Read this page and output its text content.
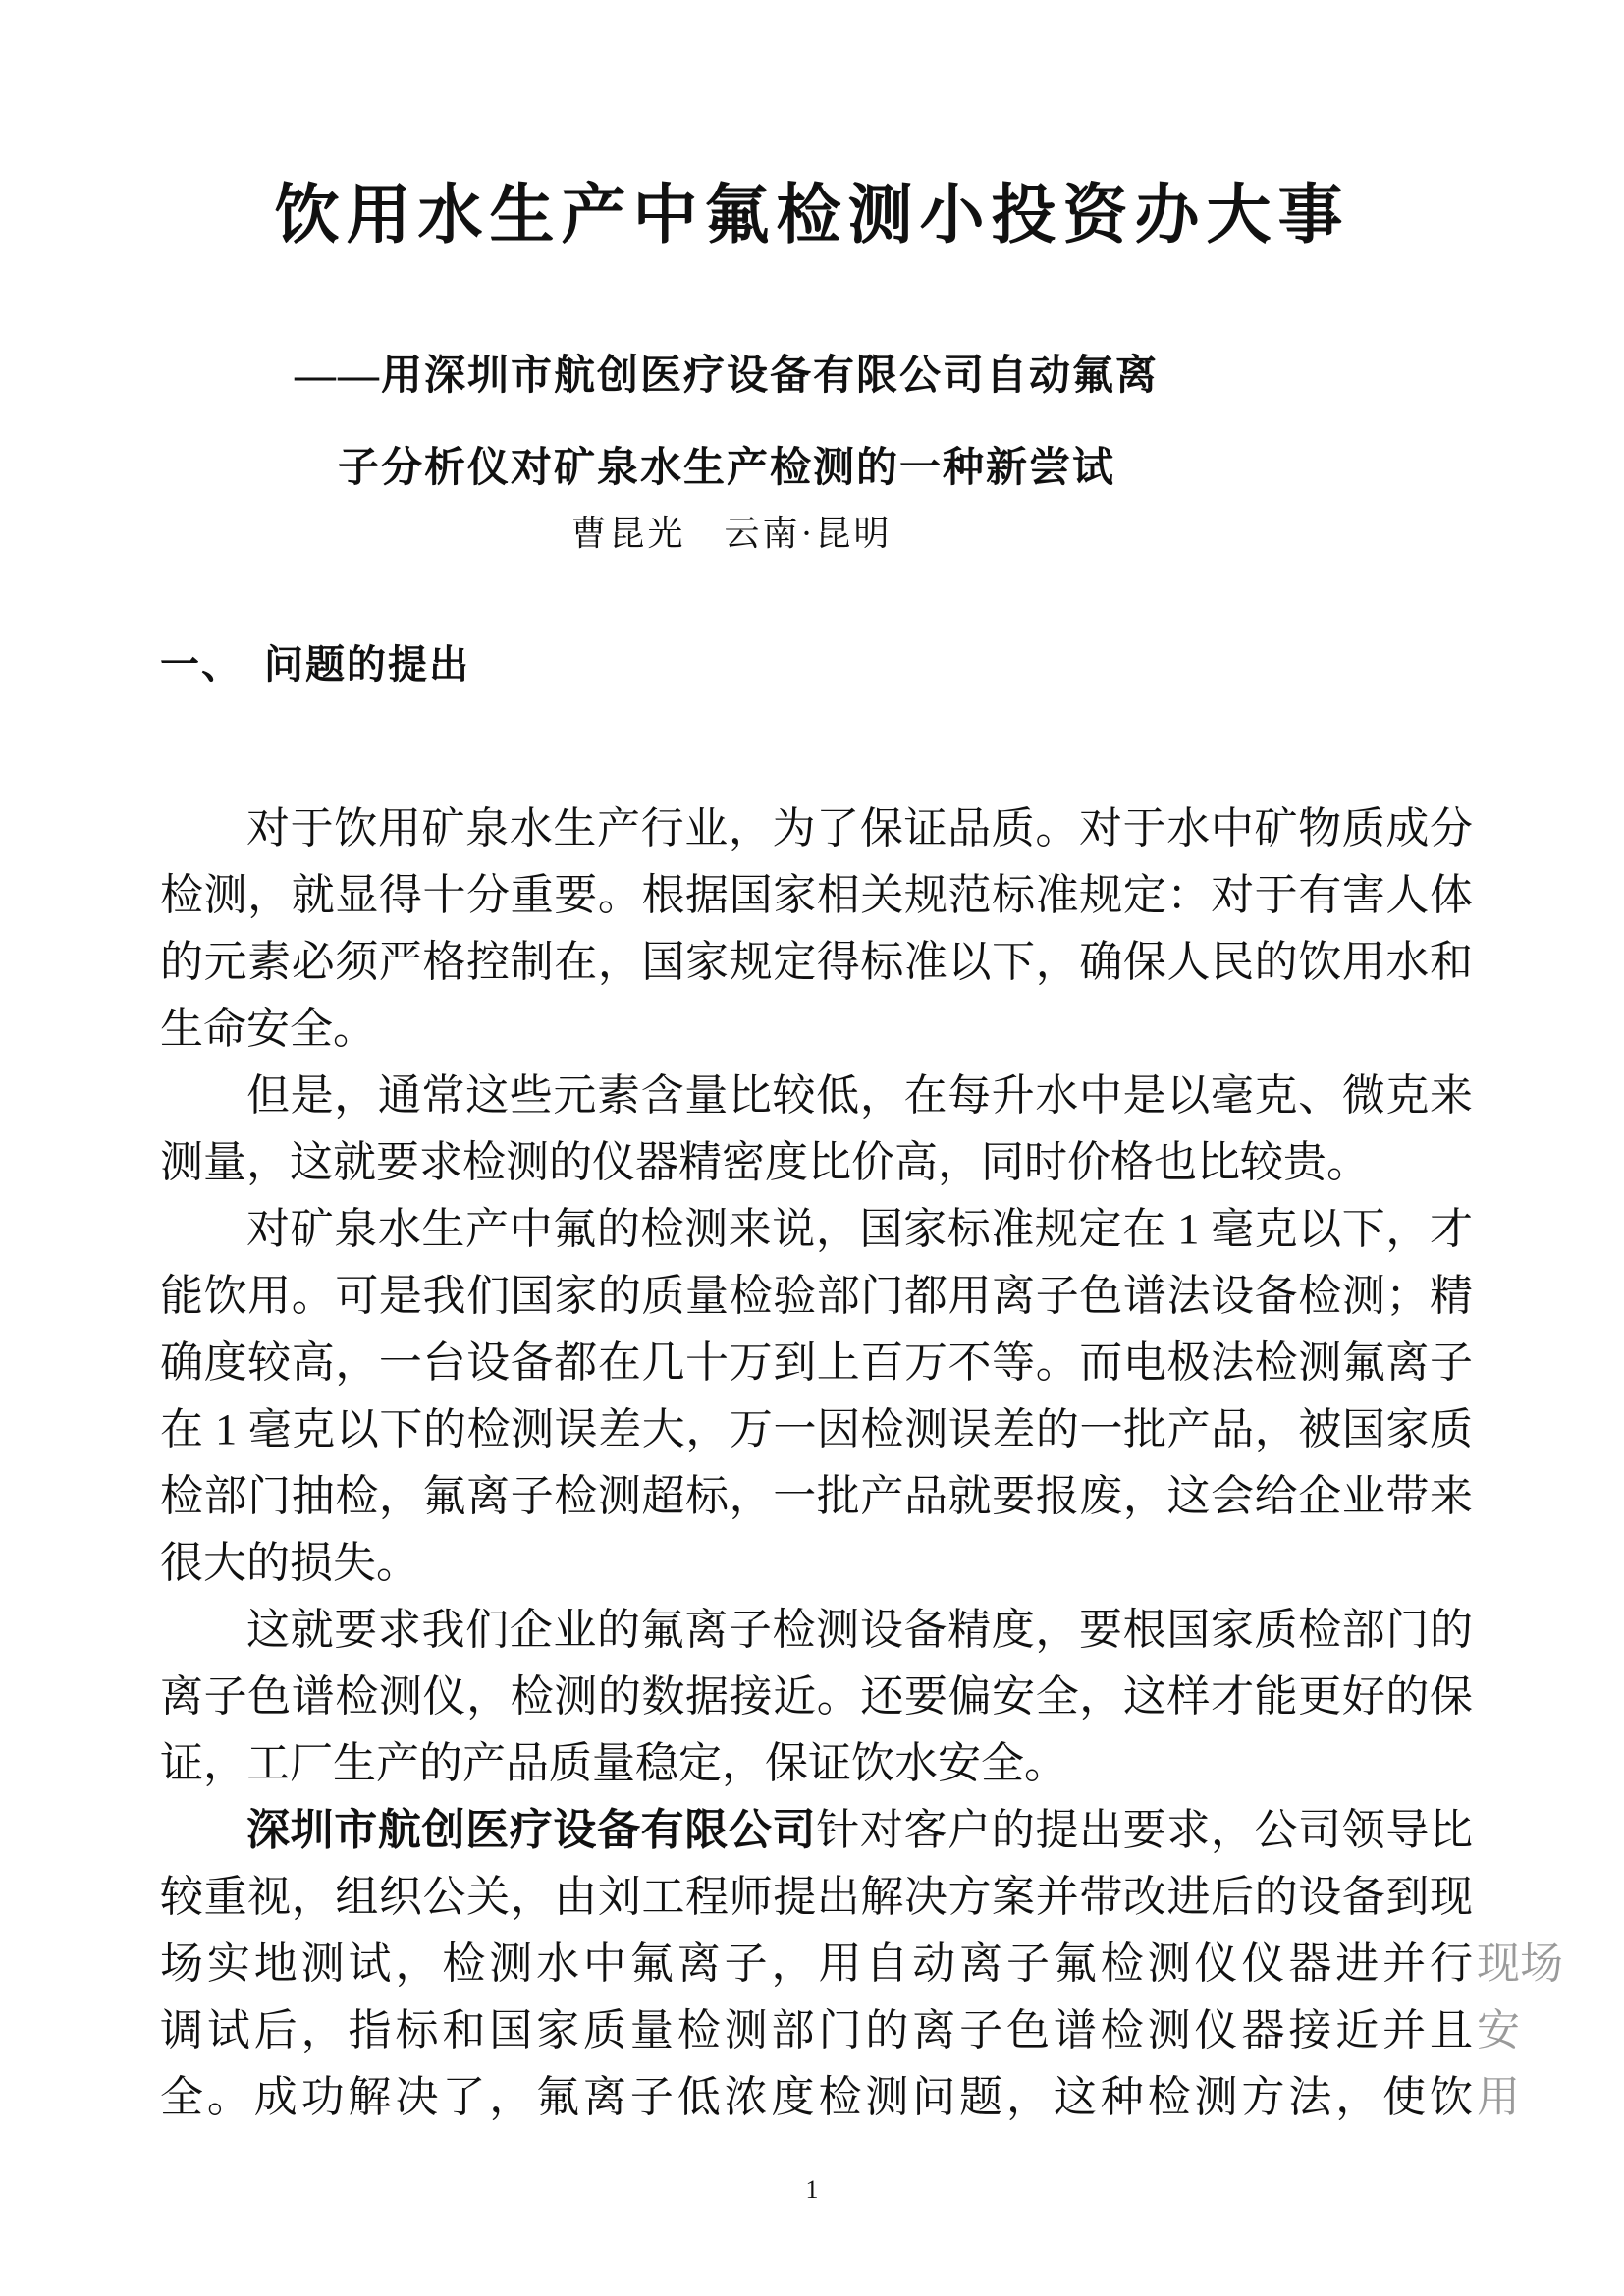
饮用水生产中氟检测小投资办大事
——用深圳市航创医疗设备有限公司自动氟离
子分析仪对矿泉水生产检测的一种新尝试
曹昆光　云南·昆明
一、　问题的提出
对于饮用矿泉水生产行业，为了保证品质。对于水中矿物质成分
检测，就显得十分重要。根据国家相关规范标准规定：对于有害人体
的元素必须严格控制在，国家规定得标准以下，确保人民的饮用水和
生命安全。
但是，通常这些元素含量比较低，在每升水中是以毫克、微克来
测量，这就要求检测的仪器精密度比价高，同时价格也比较贵。
对矿泉水生产中氟的检测来说，国家标准规定在 1 毫克以下，才
能饮用。可是我们国家的质量检验部门都用离子色谱法设备检测；精
确度较高，一台设备都在几十万到上百万不等。而电极法检测氟离子
在 1 毫克以下的检测误差大，万一因检测误差的一批产品，被国家质
检部门抽检，氟离子检测超标，一批产品就要报废，这会给企业带来
很大的损失。
这就要求我们企业的氟离子检测设备精度，要根国家质检部门的
离子色谱检测仪，检测的数据接近。还要偏安全，这样才能更好的保
证，工厂生产的产品质量稳定，保证饮水安全。
深圳市航创医疗设备有限公司针对客户的提出要求，公司领导比
较重视，组织公关，由刘工程师提出解决方案并带改进后的设备到现
场实地测试，检测水中氟离子，用自动离子氟检测仪仪器进并行 现场
调试后，指标和国家质量检测部门的离子色谱检测仪器接近并且 安
全。成功解决了，氟离子低浓度检测问题，这种检测方法，使饮 用
1
